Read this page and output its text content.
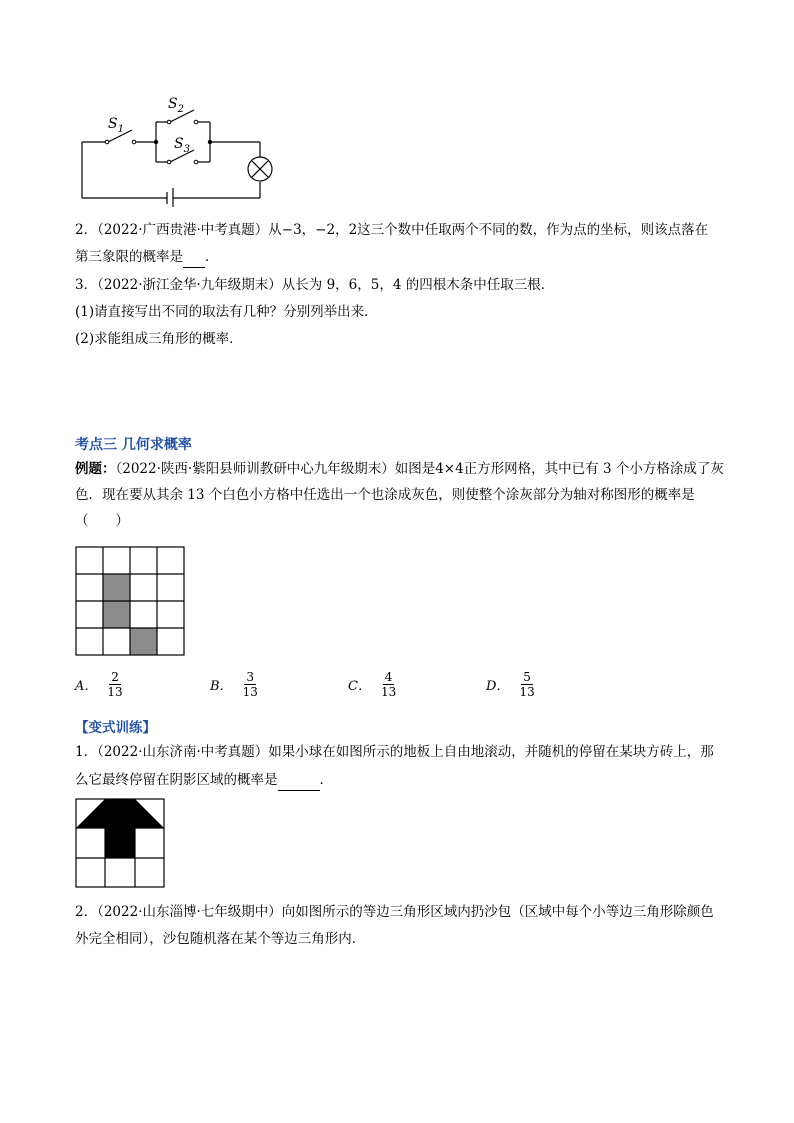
$S_1$
$S_2$
$S_3$
2．（2022·广西贵港·中考真题）从−3，−2，2这三个数中任取两个不同的数，作为点的坐标，则该点落在
第三象限的概率是 ．
3．（2022·浙江金华·九年级期末）从长为 9，6，5，4 的四根木条中任取三根．
(1)请直接写出不同的取法有几种？分别列举出来．
(2)求能组成三角形的概率．
考点三 几何求概率
例题：（2022·陕西·紫阳县师训教研中心九年级期末）如图是4×4正方形网格，其中已有 3 个小方格涂成了灰色．现在要从其余 13 个白色小方格中任选出一个也涂成灰色，则使整个涂灰部分为轴对称图形的概率是（　　）
A． $\frac{2}{13}$	B． $\frac{3}{13}$	C． $\frac{4}{13}$	D． $\frac{5}{13}$
【变式训练】
1．（2022·山东济南·中考真题）如果小球在如图所示的地板上自由地滚动，并随机的停留在某块方砖上，那
么它最终停留在阴影区域的概率是	．
2．（2022·山东淄博·七年级期中）向如图所示的等边三角形区域内扔沙包（区域中每个小等边三角形除颜色
外完全相同），沙包随机落在某个等边三角形内．
